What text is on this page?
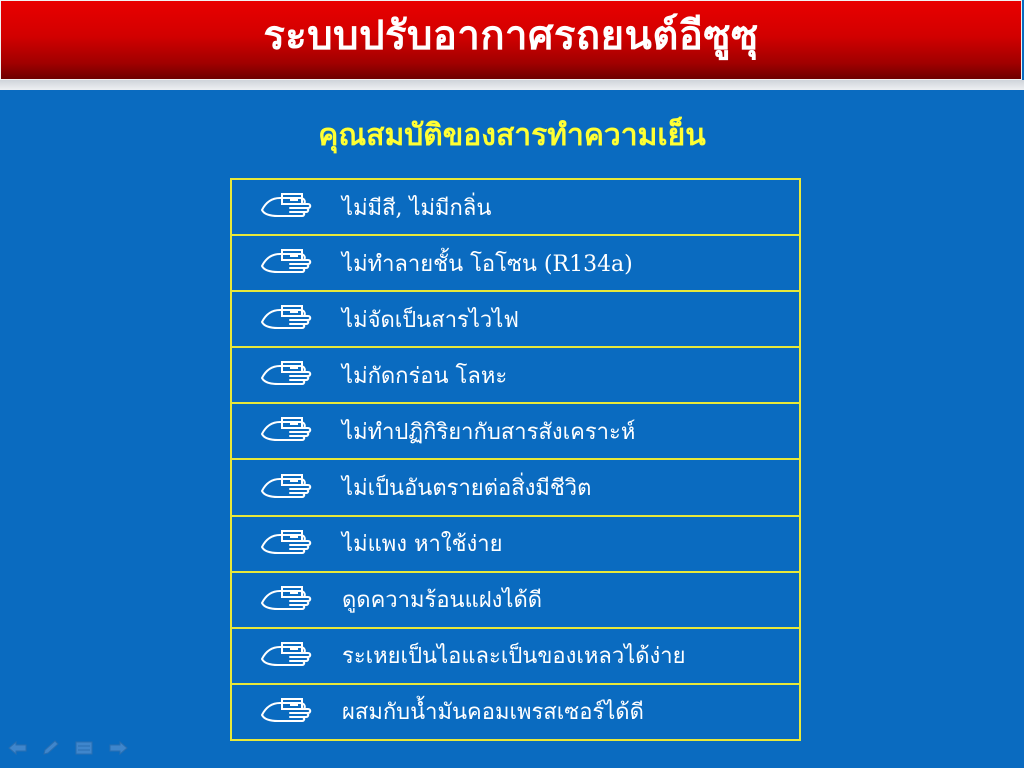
ระบบปรับอากาศรถยนต์อีซูซุ
คุณสมบัติของสารทำความเย็น
ไม่มีสี, ไม่มีกลิ่น
ไม่ทำลายชั้น โอโซน (R134a)
ไม่จัดเป็นสารไวไฟ
ไม่กัดกร่อน โลหะ
ไม่ทำปฏิกิริยากับสารสังเคราะห์
ไม่เป็นอันตรายต่อสิ่งมีชีวิต
ไม่แพง หาใช้ง่าย
ดูดความร้อนแฝงได้ดี
ระเหยเป็นไอและเป็นของเหลวได้ง่าย
ผสมกับน้ำมันคอมเพรสเซอร์ได้ดี
